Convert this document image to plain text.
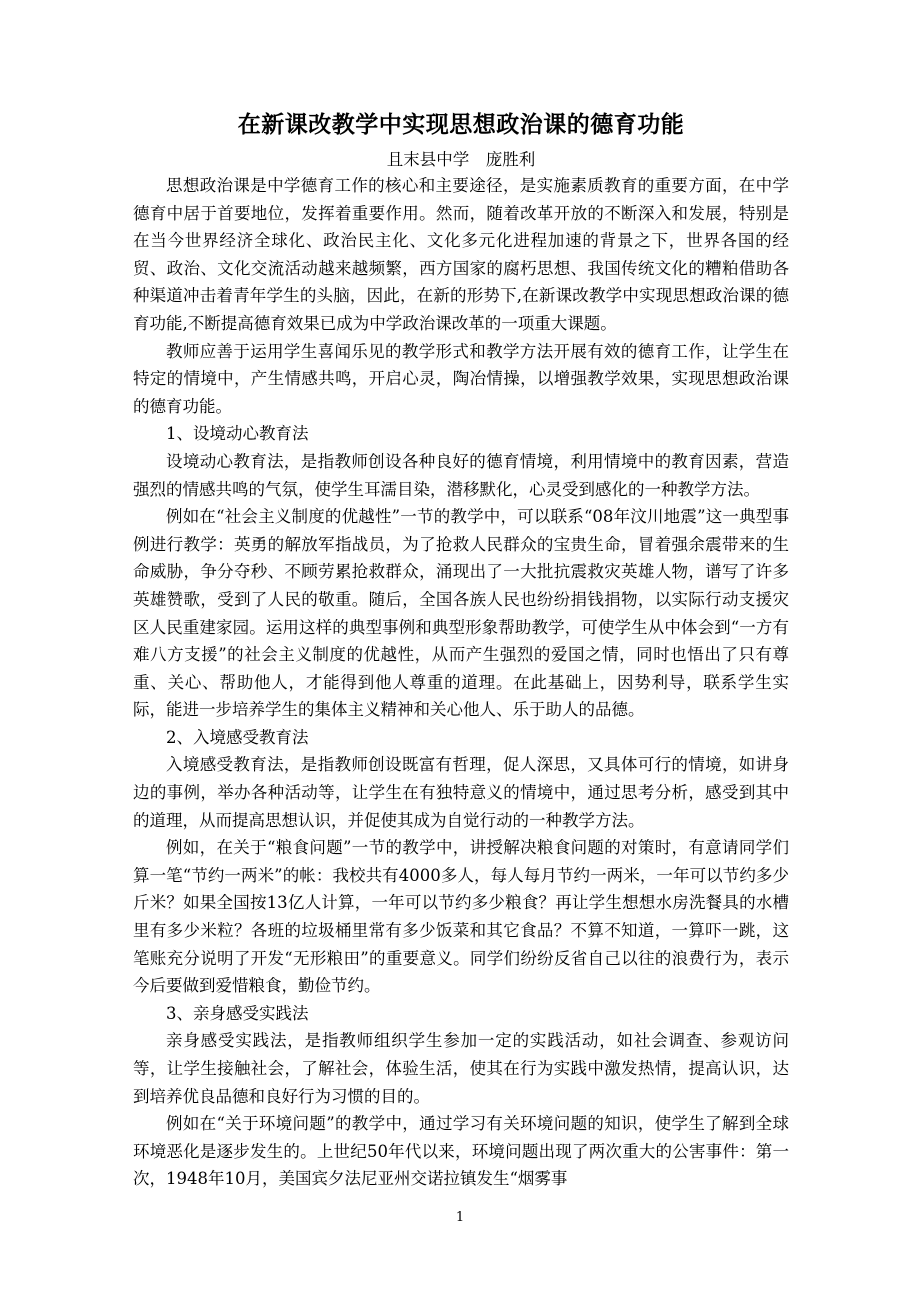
在新课改教学中实现思想政治课的德育功能
且末县中学　庞胜利

思想政治课是中学德育工作的核心和主要途径，是实施素质教育的重要方面，在中学德育中居于首要地位，发挥着重要作用。然而，随着改革开放的不断深入和发展，特别是在当今世界经济全球化、政治民主化、文化多元化进程加速的背景之下，世界各国的经贸、政治、文化交流活动越来越频繁，西方国家的腐朽思想、我国传统文化的糟粕借助各种渠道冲击着青年学生的头脑，因此，在新的形势下,在新课改教学中实现思想政治课的德育功能,不断提高德育效果已成为中学政治课改革的一项重大课题。

教师应善于运用学生喜闻乐见的教学形式和教学方法开展有效的德育工作，让学生在特定的情境中，产生情感共鸣，开启心灵，陶冶情操，以增强教学效果，实现思想政治课的德育功能。

1、设境动心教育法

设境动心教育法，是指教师创设各种良好的德育情境，利用情境中的教育因素，营造强烈的情感共鸣的气氛，使学生耳濡目染，潜移默化，心灵受到感化的一种教学方法。

例如在“社会主义制度的优越性”一节的教学中，可以联系“08年汶川地震”这一典型事例进行教学：英勇的解放军指战员，为了抢救人民群众的宝贵生命，冒着强余震带来的生命威胁，争分夺秒、不顾劳累抢救群众，涌现出了一大批抗震救灾英雄人物，谱写了许多英雄赞歌，受到了人民的敬重。随后，全国各族人民也纷纷捐钱捐物，以实际行动支援灾区人民重建家园。运用这样的典型事例和典型形象帮助教学，可使学生从中体会到“一方有难八方支援”的社会主义制度的优越性，从而产生强烈的爱国之情，同时也悟出了只有尊重、关心、帮助他人，才能得到他人尊重的道理。在此基础上，因势利导，联系学生实际，能进一步培养学生的集体主义精神和关心他人、乐于助人的品德。

2、入境感受教育法

入境感受教育法，是指教师创设既富有哲理，促人深思，又具体可行的情境，如讲身边的事例，举办各种活动等，让学生在有独特意义的情境中，通过思考分析，感受到其中的道理，从而提高思想认识，并促使其成为自觉行动的一种教学方法。

例如，在关于“粮食问题”一节的教学中，讲授解决粮食问题的对策时，有意请同学们算一笔“节约一两米”的帐：我校共有4000多人，每人每月节约一两米，一年可以节约多少斤米？如果全国按13亿人计算，一年可以节约多少粮食？再让学生想想水房洗餐具的水槽里有多少米粒？各班的垃圾桶里常有多少饭菜和其它食品？不算不知道，一算吓一跳，这笔账充分说明了开发“无形粮田”的重要意义。同学们纷纷反省自己以往的浪费行为，表示今后要做到爱惜粮食，勤俭节约。

3、亲身感受实践法

亲身感受实践法，是指教师组织学生参加一定的实践活动，如社会调查、参观访问等，让学生接触社会，了解社会，体验生活，使其在行为实践中激发热情，提高认识，达到培养优良品德和良好行为习惯的目的。

例如在“关于环境问题”的教学中，通过学习有关环境问题的知识，使学生了解到全球环境恶化是逐步发生的。上世纪50年代以来，环境问题出现了两次重大的公害事件：第一次，1948年10月，美国宾夕法尼亚州交诺拉镇发生“烟雾事

1
